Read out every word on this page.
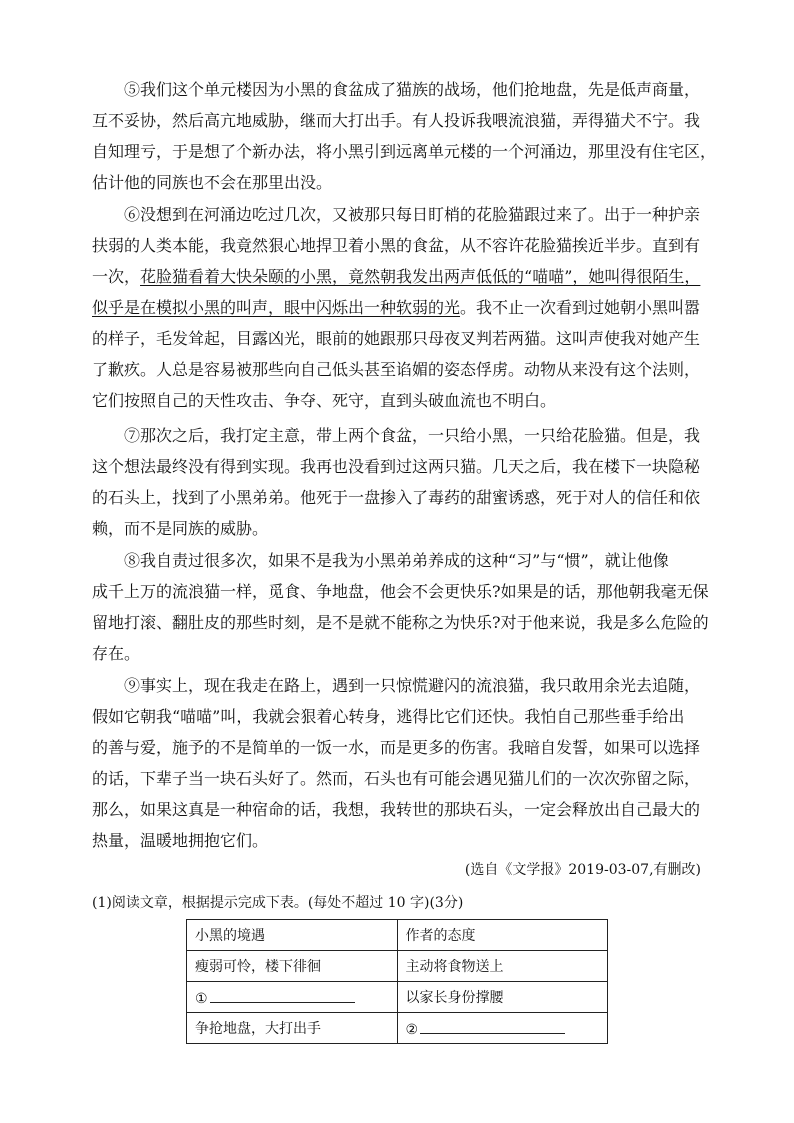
⑤我们这个单元楼因为小黑的食盆成了猫族的战场，他们抢地盘，先是低声商量，
互不妥协，然后高亢地威胁，继而大打出手。有人投诉我喂流浪猫，弄得猫犬不宁。我
自知理亏，于是想了个新办法，将小黑引到远离单元楼的一个河涌边，那里没有住宅区，
估计他的同族也不会在那里出没。
⑥没想到在河涌边吃过几次，又被那只每日盯梢的花脸猫跟过来了。出于一种护亲
扶弱的人类本能，我竟然狠心地捍卫着小黑的食盆，从不容许花脸猫挨近半步。直到有
一次，花脸猫看着大快朵颐的小黑，竟然朝我发出两声低低的“喵喵”，她叫得很陌生，
似乎是在模拟小黑的叫声，眼中闪烁出一种软弱的光。我不止一次看到过她朝小黑叫嚣
的样子，毛发耸起，目露凶光，眼前的她跟那只母夜叉判若两猫。这叫声使我对她产生
了歉疚。人总是容易被那些向自己低头甚至谄媚的姿态俘虏。动物从来没有这个法则，
它们按照自己的天性攻击、争夺、死守，直到头破血流也不明白。
⑦那次之后，我打定主意，带上两个食盆，一只给小黑，一只给花脸猫。但是，我
这个想法最终没有得到实现。我再也没看到过这两只猫。几天之后，我在楼下一块隐秘
的石头上，找到了小黑弟弟。他死于一盘掺入了毒药的甜蜜诱惑，死于对人的信任和依
赖，而不是同族的威胁。
⑧我自责过很多次，如果不是我为小黑弟弟养成的这种“习”与“惯”，就让他像
成千上万的流浪猫一样，觅食、争地盘，他会不会更快乐?如果是的话，那他朝我毫无保
留地打滚、翻肚皮的那些时刻，是不是就不能称之为快乐?对于他来说，我是多么危险的
存在。
⑨事实上，现在我走在路上，遇到一只惊慌避闪的流浪猫，我只敢用余光去追随，
假如它朝我“喵喵”叫，我就会狠着心转身，逃得比它们还快。我怕自己那些垂手给出
的善与爱，施予的不是简单的一饭一水，而是更多的伤害。我暗自发誓，如果可以选择
的话，下辈子当一块石头好了。然而，石头也有可能会遇见猫儿们的一次次弥留之际，
那么，如果这真是一种宿命的话，我想，我转世的那块石头，一定会释放出自己最大的
热量，温暖地拥抱它们。
(选自《文学报》2019-03-07,有删改)
(1)阅读文章，根据提示完成下表。(每处不超过 10 字)(3分)
小黑的境遇	作者的态度
瘦弱可怜，楼下徘徊	主动将食物送上
①	以家长身份撑腰
争抢地盘，大打出手	②
